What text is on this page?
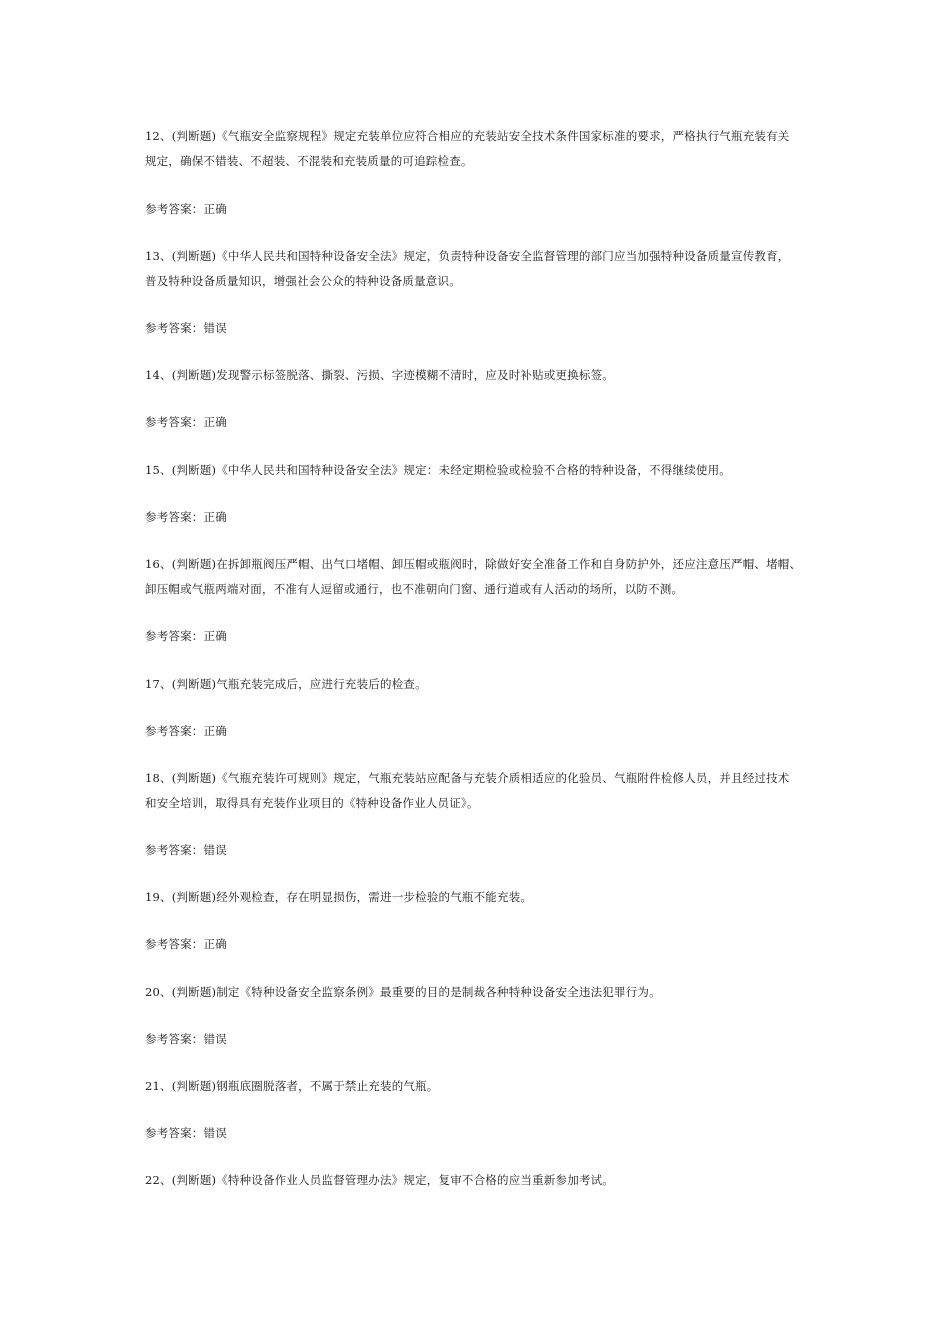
12、(判断题)《气瓶安全监察规程》规定充装单位应符合相应的充装站安全技术条件国家标准的要求，严格执行气瓶充装有关
规定，确保不错装、不超装、不混装和充装质量的可追踪检查。
参考答案：正确
13、(判断题)《中华人民共和国特种设备安全法》规定，负责特种设备安全监督管理的部门应当加强特种设备质量宣传教育，
普及特种设备质量知识，增强社会公众的特种设备质量意识。
参考答案：错误
14、(判断题)发现警示标签脱落、撕裂、污损、字迹模糊不清时，应及时补贴或更换标签。
参考答案：正确
15、(判断题)《中华人民共和国特种设备安全法》规定：未经定期检验或检验不合格的特种设备，不得继续使用。
参考答案：正确
16、(判断题)在拆卸瓶阀压严帽、出气口堵帽、卸压帽或瓶阀时，除做好安全准备工作和自身防护外，还应注意压严帽、堵帽、
卸压帽或气瓶两端对面，不准有人逗留或通行，也不准朝向门窗、通行道或有人活动的场所，以防不测。
参考答案：正确
17、(判断题)气瓶充装完成后，应进行充装后的检查。
参考答案：正确
18、(判断题)《气瓶充装许可规则》规定，气瓶充装站应配备与充装介质相适应的化验员、气瓶附件检修人员，并且经过技术
和安全培训，取得具有充装作业项目的《特种设备作业人员证》。
参考答案：错误
19、(判断题)经外观检查，存在明显损伤，需进一步检验的气瓶不能充装。
参考答案：正确
20、(判断题)制定《特种设备安全监察条例》最重要的目的是制裁各种特种设备安全违法犯罪行为。
参考答案：错误
21、(判断题)钢瓶底圈脱落者，不属于禁止充装的气瓶。
参考答案：错误
22、(判断题)《特种设备作业人员监督管理办法》规定，复审不合格的应当重新参加考试。
